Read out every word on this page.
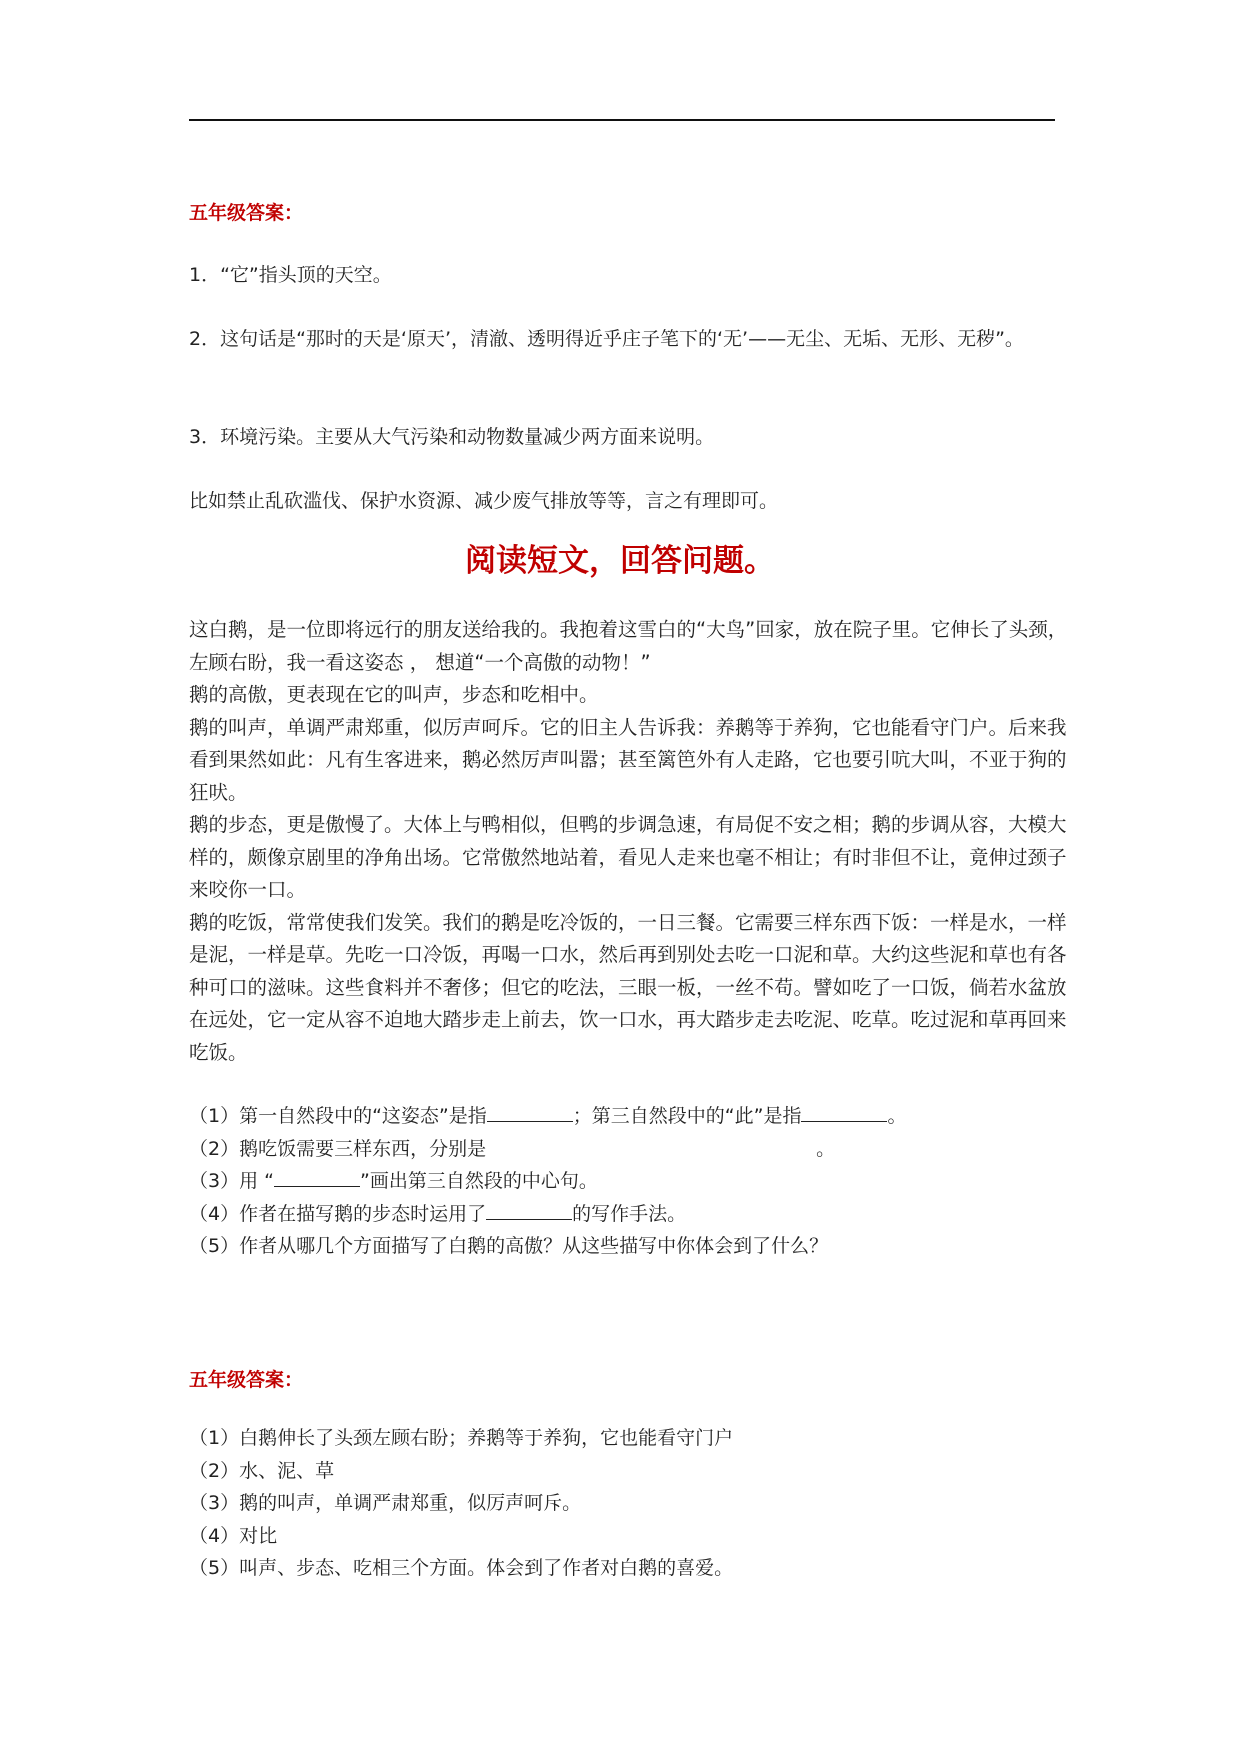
五年级答案：
1．“它”指头顶的天空。
2．这句话是“那时的天是‘原天’，清澈、透明得近乎庄子笔下的‘无’——无尘、无垢、无形、无秽”。
3．环境污染。主要从大气污染和动物数量减少两方面来说明。
比如禁止乱砍滥伐、保护水资源、减少废气排放等等，言之有理即可。
阅读短文，回答问题。
这白鹅，是一位即将远行的朋友送给我的。我抱着这雪白的“大鸟”回家，放在院子里。它伸长了头颈，左顾右盼，我一看这姿态 ， 想道“一个高傲的动物！”
鹅的高傲，更表现在它的叫声，步态和吃相中。
鹅的叫声，单调严肃郑重，似厉声呵斥。它的旧主人告诉我：养鹅等于养狗，它也能看守门户。后来我看到果然如此：凡有生客进来，鹅必然厉声叫嚣；甚至篱笆外有人走路，它也要引吭大叫，不亚于狗的狂吠。
鹅的步态，更是傲慢了。大体上与鸭相似，但鸭的步调急速，有局促不安之相；鹅的步调从容，大模大样的，颇像京剧里的净角出场。它常傲然地站着，看见人走来也毫不相让；有时非但不让，竟伸过颈子来咬你一口。
鹅的吃饭，常常使我们发笑。我们的鹅是吃冷饭的，一日三餐。它需要三样东西下饭：一样是水，一样是泥，一样是草。先吃一口冷饭，再喝一口水，然后再到别处去吃一口泥和草。大约这些泥和草也有各种可口的滋味。这些食料并不奢侈；但它的吃法，三眼一板，一丝不苟。譬如吃了一口饭，倘若水盆放在远处，它一定从容不迫地大踏步走上前去，饮一口水，再大踏步走去吃泥、吃草。吃过泥和草再回来吃饭。
（1）第一自然段中的“这姿态”是指	；第三自然段中的“此”是指	。
（2）鹅吃饭需要三样东西，分别是	。
（3）用 “	”画出第三自然段的中心句。
（4）作者在描写鹅的步态时运用了	的写作手法。
（5）作者从哪几个方面描写了白鹅的高傲？从这些描写中你体会到了什么？
五年级答案：
（1）白鹅伸长了头颈左顾右盼；养鹅等于养狗，它也能看守门户
（2）水、泥、草
（3）鹅的叫声，单调严肃郑重，似厉声呵斥。
（4）对比
（5）叫声、步态、吃相三个方面。体会到了作者对白鹅的喜爱。
